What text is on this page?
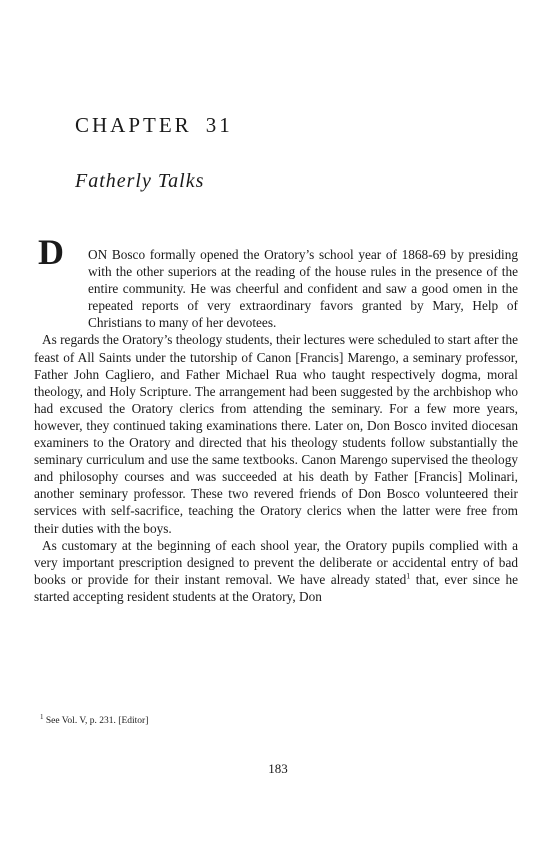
CHAPTER 31
Fatherly Talks

D ON Bosco formally opened the Oratory’s school year of 1868-69 by presiding with the other superiors at the reading of the house rules in the presence of the entire community. He was cheerful and confident and saw a good omen in the repeated reports of very extraordinary favors granted by Mary, Help of Christians to many of her devotees.

As regards the Oratory’s theology students, their lectures were scheduled to start after the feast of All Saints under the tutorship of Canon [Francis] Marengo, a seminary professor, Father John Cagliero, and Father Michael Rua who taught respectively dogma, moral theology, and Holy Scripture. The arrangement had been suggested by the archbishop who had excused the Oratory clerics from attending the seminary. For a few more years, however, they continued taking examinations there. Later on, Don Bosco invited diocesan examiners to the Oratory and directed that his theology students follow substantially the seminary curriculum and use the same textbooks. Canon Marengo supervised the theology and philosophy courses and was succeeded at his death by Father [Francis] Molinari, another seminary professor. These two revered friends of Don Bosco volunteered their services with self-sacrifice, teaching the Oratory clerics when the latter were free from their duties with the boys.

As customary at the beginning of each shool year, the Oratory pupils complied with a very important prescription designed to prevent the deliberate or accidental entry of bad books or provide for their instant removal. We have already stated$^1$ that, ever since he started accepting resident students at the Oratory, Don

$^1$ See Vol. V, p. 231. [Editor]

183
